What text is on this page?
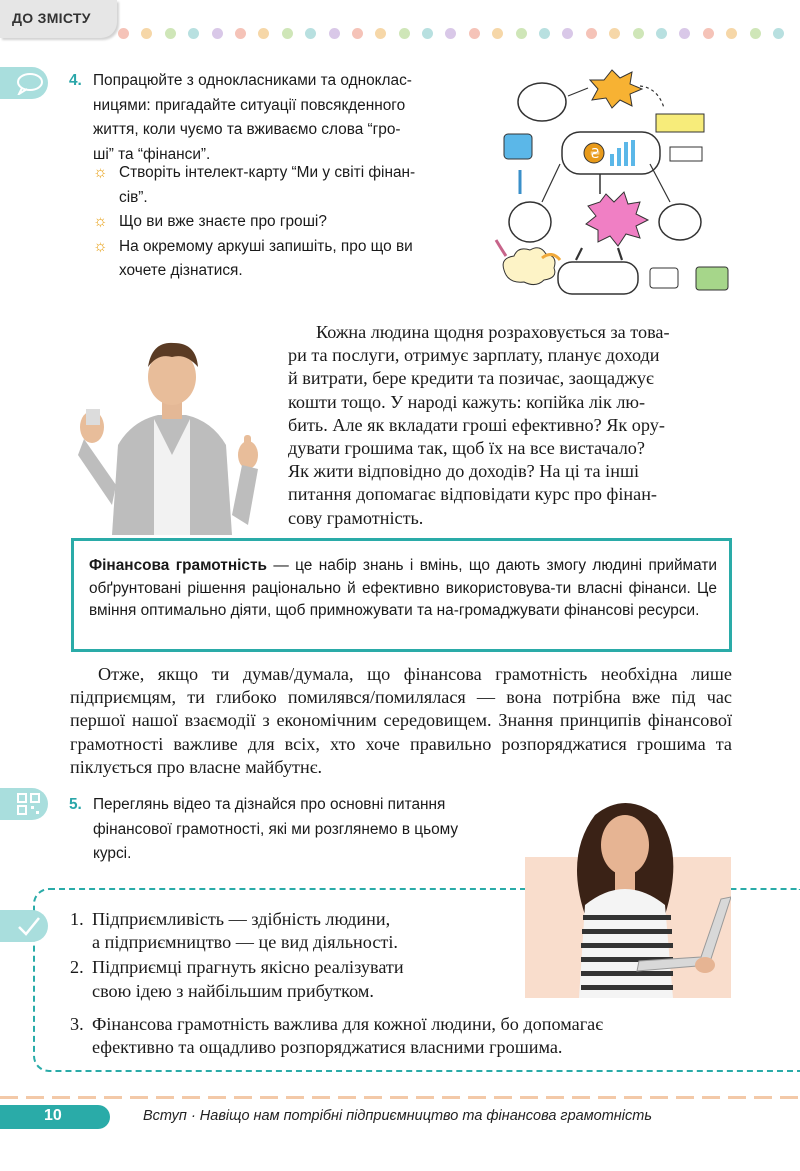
ДО ЗМІСТУ
4. Попрацюйте з однокласниками та одноклас-
ницями: пригадайте ситуації повсякденного
життя, коли чуємо та вживаємо слова “гро-
ші” та “фінанси”.
☼ Створіть інтелект-карту “Ми у світі фінан-
сів”.
☼ Що ви вже знаєте про гроші?
☼ На окремому аркуші запишіть, про що ви
хочете дізнатися.
₴
Кожна людина щодня розраховується за това-
ри та послуги, отримує зарплату, планує доходи
й витрати, бере кредити та позичає, заощаджує
кошти тощо. У народі кажуть: копійка лік лю-
бить. Але як вкладати гроші ефективно? Як ору-
дувати грошима так, щоб їх на все вистачало?
Як жити відповідно до доходів? На ці та інші
питання допомагає відповідати курс про фінан-
сову грамотність.

Фінансова грамотність — це набір знань і вмінь, що дають змогу людині приймати обґрунтовані рішення раціонально й ефективно використовува-ти власні фінанси. Це вміння оптимально діяти, щоб примножувати та на-громаджувати фінансові ресурси.

Отже, якщо ти думав/думала, що фінансова грамотність необхідна лише підприємцям, ти глибоко помилявся/помилялася — вона потрібна вже під час першої нашої взаємодії з економічним середовищем. Знання принципів фінансової грамотності важливе для всіх, хто хоче правильно розпоряджатися грошима та піклується про власне майбутнє.
5. Переглянь відео та дізнайся про основні питання
фінансової грамотності, які ми розглянемо в цьому
курсі.
1. Підприємливість — здібність людини,
а підприємництво — це вид діяльності.
2. Підприємці прагнуть якісно реалізувати
свою ідею з найбільшим прибутком.
3. Фінансова грамотність важлива для кожної людини, бо допомагає
ефективно та ощадливо розпоряджатися власними грошима.
10	Вступ · Навіщо нам потрібні підприємництво та фінансова грамотність
